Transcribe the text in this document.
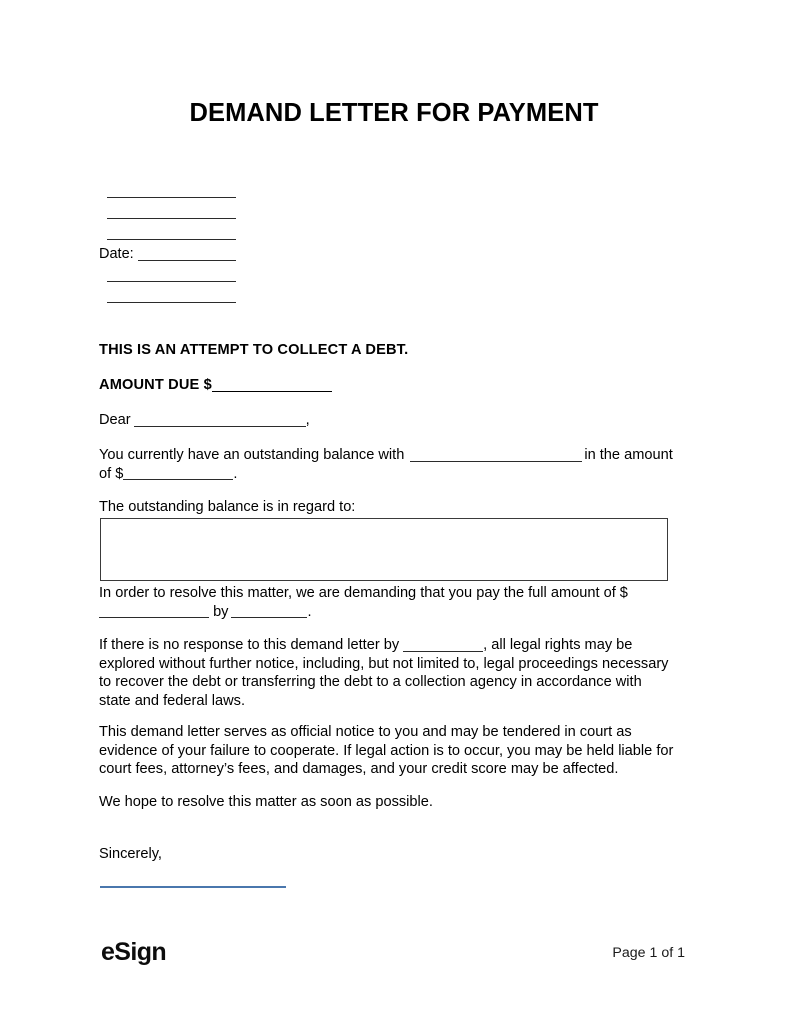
DEMAND LETTER FOR PAYMENT
Date:
THIS IS AN ATTEMPT TO COLLECT A DEBT.
AMOUNT DUE $
Dear	,
You currently have an outstanding balance with	in the amount of $	.
The outstanding balance is in regard to:
In order to resolve this matter, we are demanding that you pay the full amount of $ by	.
If there is no response to this demand letter by	, all legal rights may be explored without further notice, including, but not limited to, legal proceedings necessary to recover the debt or transferring the debt to a collection agency in accordance with state and federal laws.
This demand letter serves as official notice to you and may be tendered in court as evidence of your failure to cooperate. If legal action is to occur, you may be held liable for court fees, attorney’s fees, and damages, and your credit score may be affected.
We hope to resolve this matter as soon as possible.
Sincerely,
eSign	Page 1 of 1
